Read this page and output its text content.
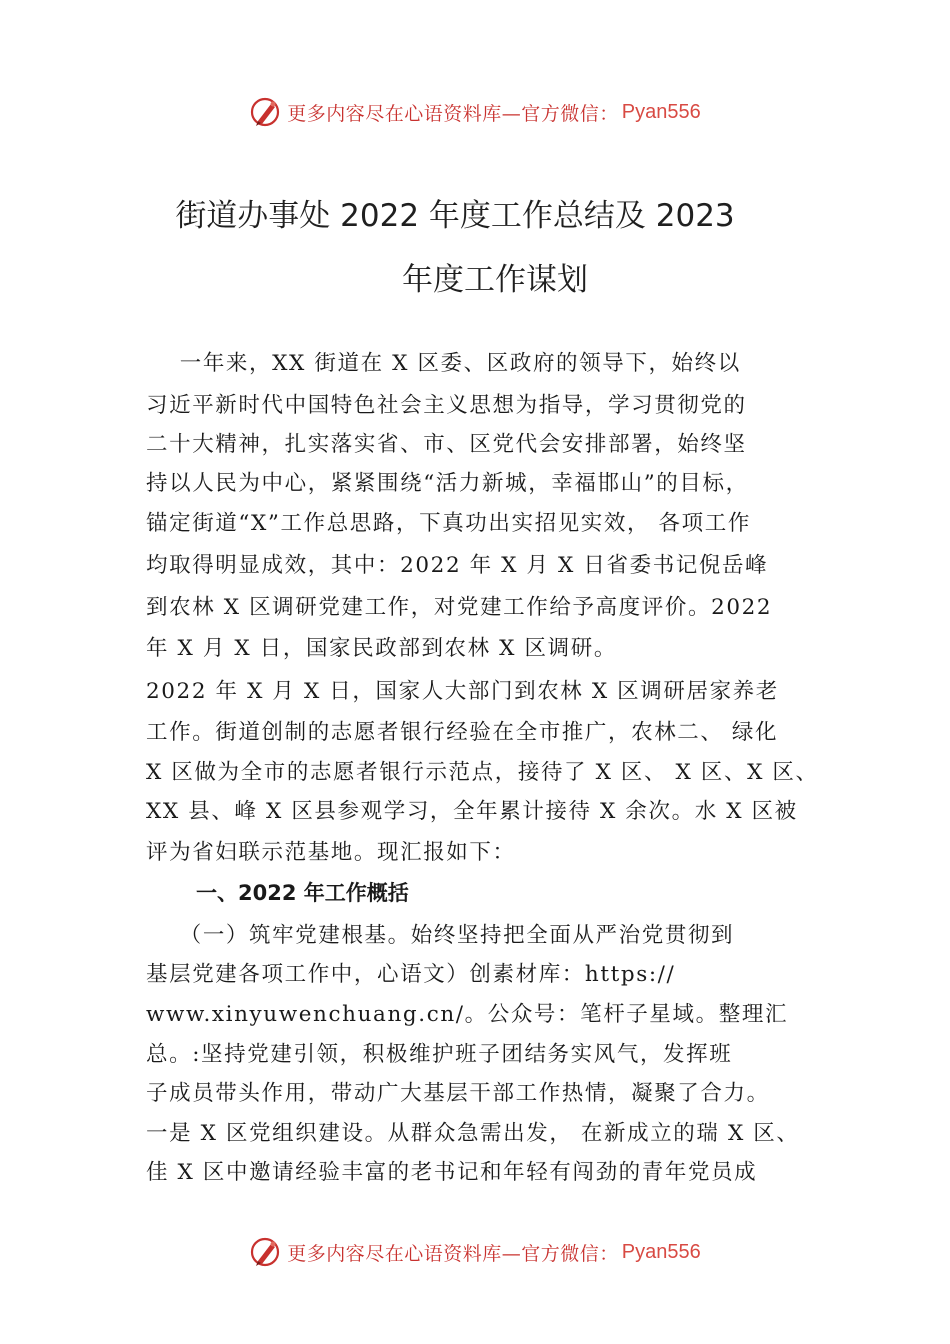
更多内容尽在心语资料库—官方微信： Pyan556
街道办事处 2022 年度工作总结及 2023
年度工作谋划
一年来，XX 街道在 X 区委、区政府的领导下，始终以
习近平新时代中国特色社会主义思想为指导，学习贯彻党的
二十大精神，扎实落实省、市、区党代会安排部署，始终坚
持以人民为中心，紧紧围绕“活力新城，幸福邯山”的目标，
锚定街道“X”工作总思路，下真功出实招见实效， 各项工作
均取得明显成效，其中：2022 年 X 月 X 日省委书记倪岳峰
到农林 X 区调研党建工作，对党建工作给予高度评价。2022
年 X 月 X 日，国家民政部到农林 X 区调研。
2022 年 X 月 X 日，国家人大部门到农林 X 区调研居家养老
工作。街道创制的志愿者银行经验在全市推广，农林二、 绿化
X 区做为全市的志愿者银行示范点，接待了 X 区、 X 区、X 区、
XX 县、峰 X 区县参观学习，全年累计接待 X 余次。水 X 区被
评为省妇联示范基地。现汇报如下：
一、2022 年工作概括
（一）筑牢党建根基。始终坚持把全面从严治党贯彻到
基层党建各项工作中，心语文）创素材库：https://
www.xinyuwenchuang.cn/。公众号：笔杆子星域。整理汇
总。:坚持党建引领，积极维护班子团结务实风气，发挥班
子成员带头作用，带动广大基层干部工作热情，凝聚了合力。
一是 X 区党组织建设。从群众急需出发， 在新成立的瑞 X 区、
佳 X 区中邀请经验丰富的老书记和年轻有闯劲的青年党员成
更多内容尽在心语资料库—官方微信： Pyan556
